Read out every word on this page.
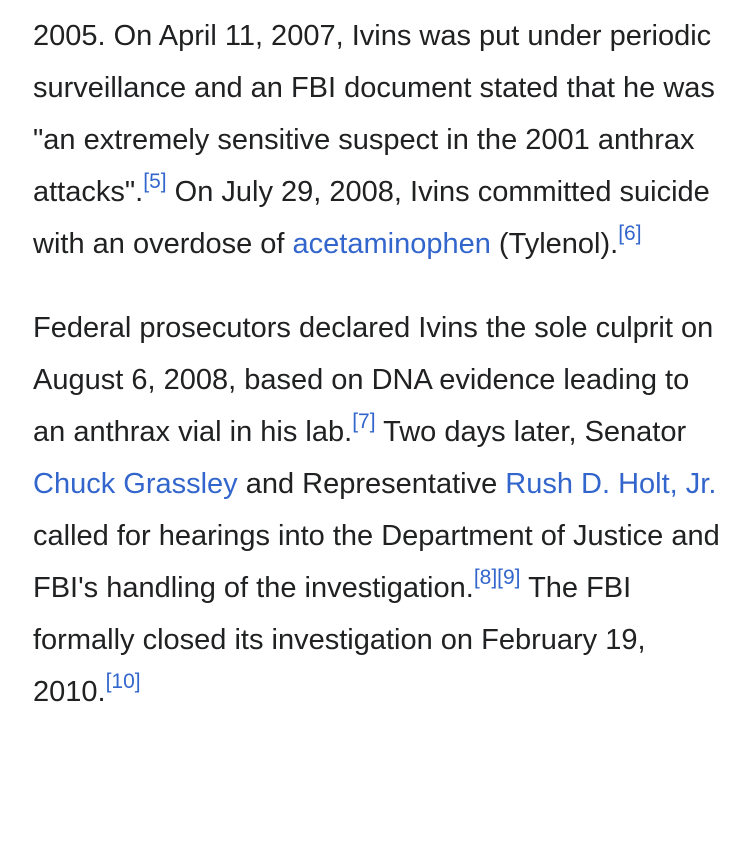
2005. On April 11, 2007, Ivins was put under periodic surveillance and an FBI document stated that he was "an extremely sensitive suspect in the 2001 anthrax attacks".[5] On July 29, 2008, Ivins committed suicide with an overdose of acetaminophen (Tylenol).[6]

Federal prosecutors declared Ivins the sole culprit on August 6, 2008, based on DNA evidence leading to an anthrax vial in his lab.[7] Two days later, Senator Chuck Grassley and Representative Rush D. Holt, Jr. called for hearings into the Department of Justice and FBI's handling of the investigation.[8][9] The FBI formally closed its investigation on February 19, 2010.[10]
